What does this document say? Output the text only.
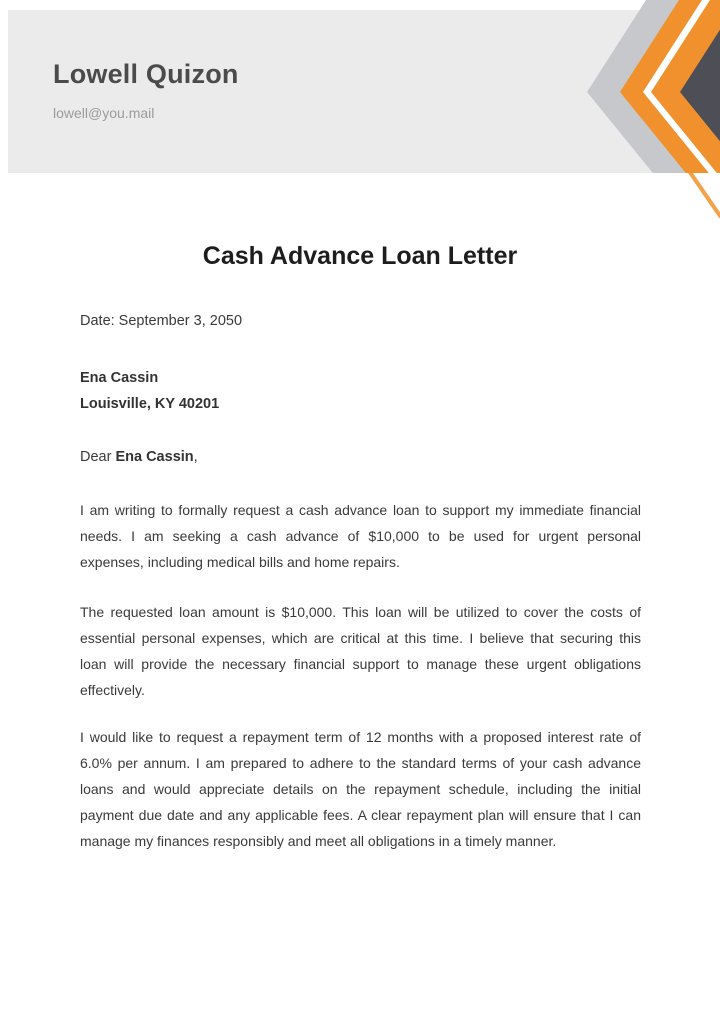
Lowell Quizon
lowell@you.mail
Cash Advance Loan Letter
Date: September 3, 2050
Ena Cassin
Louisville, KY 40201
Dear Ena Cassin,
I am writing to formally request a cash advance loan to support my immediate financial
needs. I am seeking a cash advance of $10,000 to be used for urgent personal
expenses, including medical bills and home repairs.
The requested loan amount is $10,000. This loan will be utilized to cover the costs of
essential personal expenses, which are critical at this time. I believe that securing this
loan will provide the necessary financial support to manage these urgent obligations
effectively.
I would like to request a repayment term of 12 months with a proposed interest rate of
6.0% per annum. I am prepared to adhere to the standard terms of your cash advance
loans and would appreciate details on the repayment schedule, including the initial
payment due date and any applicable fees. A clear repayment plan will ensure that I can
manage my finances responsibly and meet all obligations in a timely manner.
